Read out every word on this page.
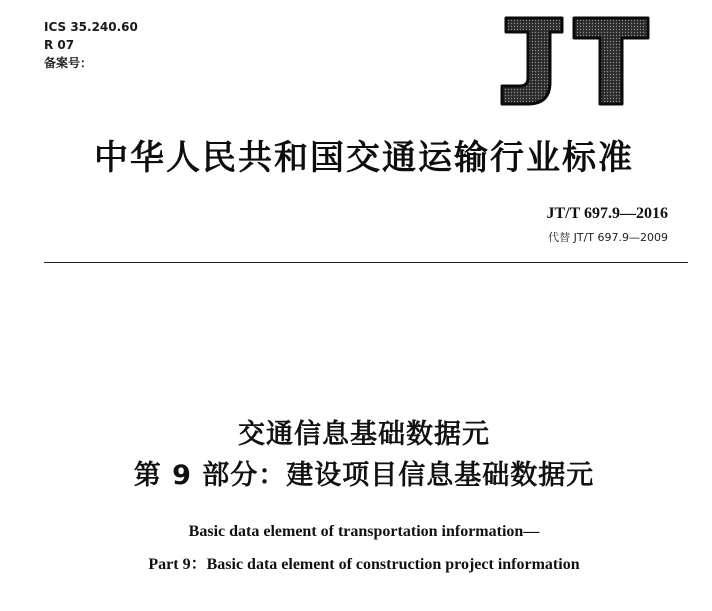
ICS 35.240.60
R 07
备案号：
中华人民共和国交通运输行业标准
JT/T 697.9—2016
代替 JT/T 697.9—2009
交通信息基础数据元
第 9 部分：建设项目信息基础数据元
Basic data element of transportation information—
Part 9：Basic data element of construction project information
